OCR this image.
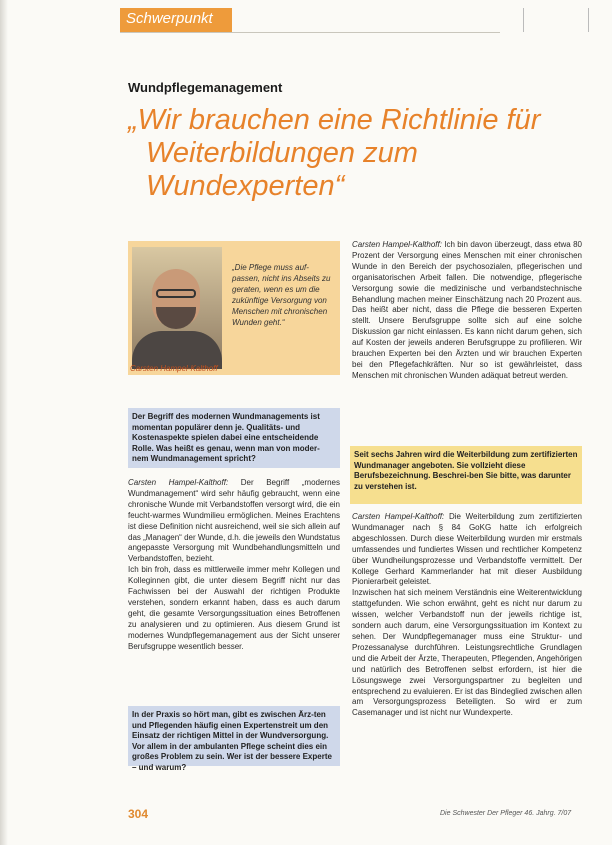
Schwerpunkt
Wundpflegemanagement
„Wir brauchen eine Richtlinie für
Weiterbildungen zum Wundexperten“
„Die Pflege muss auf-passen, nicht ins Abseits zu geraten, wenn es um die zukünftige Versorgung von Menschen mit chronischen Wunden geht.“
Carsten Hampel-Kalthoff
Der Begriff des modernen Wundmanagements ist momentan populärer denn je. Qualitäts- und Kostenaspekte spielen dabei eine entscheidende Rolle. Was heißt es genau, wenn man von moder-nem Wundmanagement spricht?

Carsten Hampel-Kalthoff: Der Begriff „modernes Wundmanagement“ wird sehr häufig gebraucht, wenn eine chronische Wunde mit Verbandstoffen versorgt wird, die ein feucht-warmes Wundmilieu ermöglichen. Meines Erachtens ist diese Definition nicht ausreichend, weil sie sich allein auf das „Managen“ der Wunde, d.h. die jeweils den Wundstatus angepasste Versorgung mit Wundbehandlungsmitteln und Verbandstoffen, bezieht.

Ich bin froh, dass es mittlerweile immer mehr Kollegen und Kolleginnen gibt, die unter diesem Begriff nicht nur das Fachwissen bei der Auswahl der richtigen Produkte verstehen, sondern erkannt haben, dass es auch darum geht, die gesamte Versorgungssituation eines Betroffenen zu analysieren und zu optimieren. Aus diesem Grund ist modernes Wundpflegemanagement aus der Sicht unserer Berufsgruppe wesentlich besser.

In der Praxis so hört man, gibt es zwischen Ärz-ten und Pflegenden häufig einen Expertenstreit um den Einsatz der richtigen Mittel in der Wundversorgung. Vor allem in der ambulanten Pflege scheint dies ein großes Problem zu sein. Wer ist der bessere Experte – und warum?

Carsten Hampel-Kalthoff: Ich bin davon überzeugt, dass etwa 80 Prozent der Versorgung eines Menschen mit einer chronischen Wunde in den Bereich der psychosozialen, pflegerischen und organisatorischen Arbeit fallen. Die notwendige, pflegerische Versorgung sowie die medizinische und verbandstechnische Behandlung machen meiner Einschätzung nach 20 Prozent aus. Das heißt aber nicht, dass die Pflege die besseren Experten stellt. Unsere Berufsgruppe sollte sich auf eine solche Diskussion gar nicht einlassen. Es kann nicht darum gehen, sich auf Kosten der jeweils anderen Berufsgruppe zu profilieren. Wir brauchen Experten bei den Ärzten und wir brauchen Experten bei den Pflegefachkräften. Nur so ist gewährleistet, dass Menschen mit chronischen Wunden adäquat betreut werden.

Seit sechs Jahren wird die Weiterbildung zum zertifizierten Wundmanager angeboten. Sie vollzieht diese Berufsbezeichnung. Beschrei-ben Sie bitte, was darunter zu verstehen ist.

Carsten Hampel-Kalthoff: Die Weiterbildung zum zertifizierten Wundmanager nach § 84 GoKG hatte ich erfolgreich abgeschlossen. Durch diese Weiterbildung wurden mir erstmals umfassendes und fundiertes Wissen und rechtlicher Kompetenz über Wundheilungsprozesse und Verbandstoffe vermittelt. Der Kollege Gerhard Kammerlander hat mit dieser Ausbildung Pionierarbeit geleistet.

Inzwischen hat sich meinem Verständnis eine Weiterentwicklung stattgefunden. Wie schon erwähnt, geht es nicht nur darum zu wissen, welcher Verbandstoff nun der jeweils richtige ist, sondern auch darum, eine Versorgungssituation im Kontext zu sehen. Der Wundpflegemanager muss eine Struktur- und Prozessanalyse durchführen. Leistungsrechtliche Grundlagen und die Arbeit der Ärzte, Therapeuten, Pflegenden, Angehörigen und natürlich des Betroffenen selbst erfordern, ist hier die Lösungswege zwei Versorgungspartner zu begleiten und entsprechend zu evaluieren. Er ist das Bindeglied zwischen allen am Versorgungsprozess Beteiligten. So wird er zum Casemanager und ist nicht nur Wundexperte.

304	Die Schwester Der Pfleger 46. Jahrg. 7/07
